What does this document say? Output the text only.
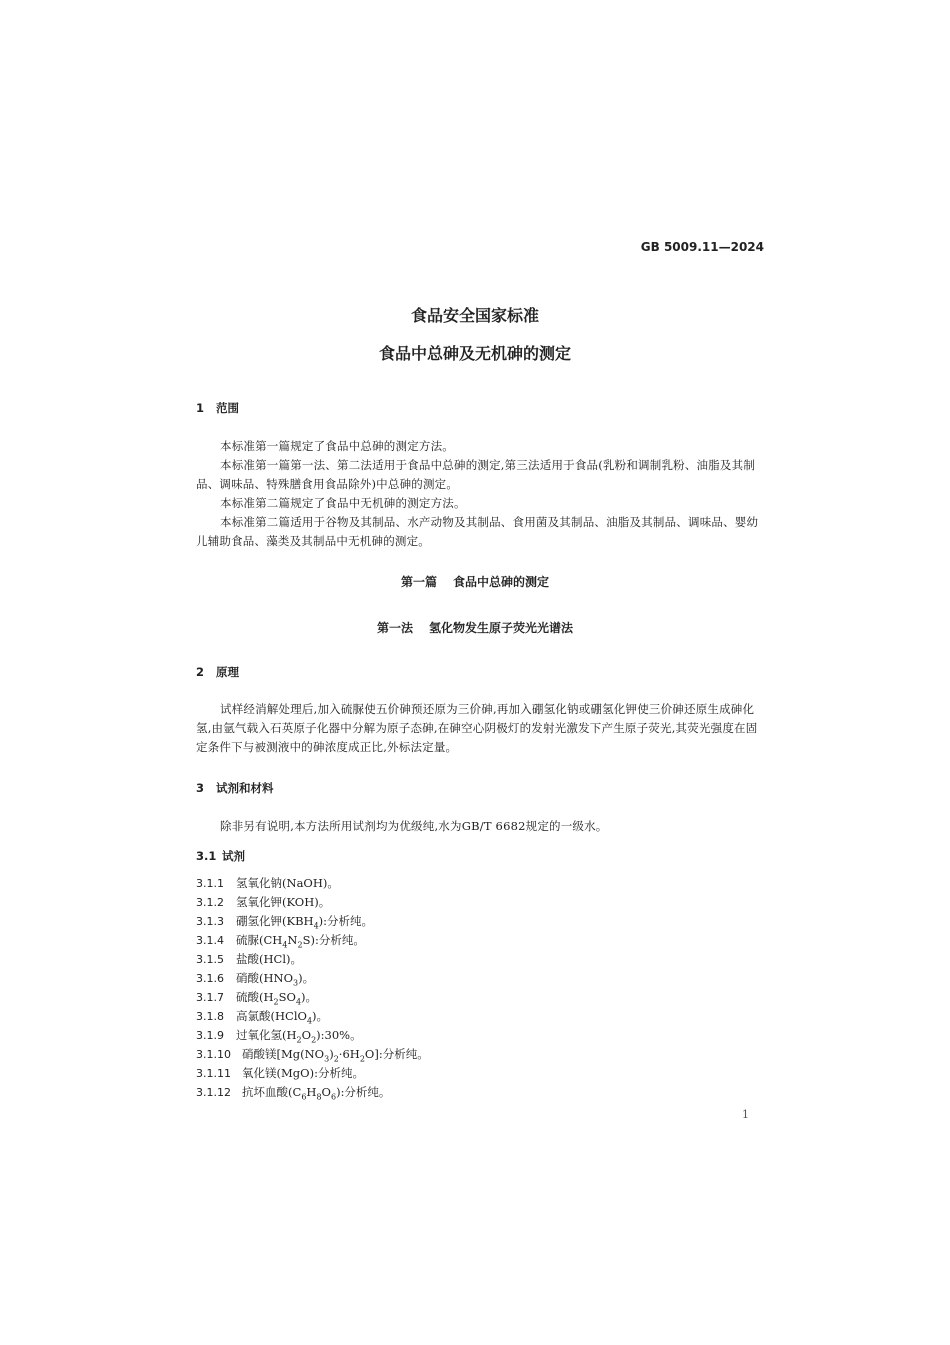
GB 5009.11—2024
食品安全国家标准
食品中总砷及无机砷的测定
1 范围

本标准第一篇规定了食品中总砷的测定方法。

本标准第一篇第一法、第二法适用于食品中总砷的测定,第三法适用于食品(乳粉和调制乳粉、油脂及其制品、调味品、特殊膳食用食品除外)中总砷的测定。

本标准第二篇规定了食品中无机砷的测定方法。

本标准第二篇适用于谷物及其制品、水产动物及其制品、食用菌及其制品、油脂及其制品、调味品、婴幼儿辅助食品、藻类及其制品中无机砷的测定。

第一篇 食品中总砷的测定
第一法 氢化物发生原子荧光光谱法
2 原理

试样经消解处理后,加入硫脲使五价砷预还原为三价砷,再加入硼氢化钠或硼氢化钾使三价砷还原生成砷化氢,由氩气载入石英原子化器中分解为原子态砷,在砷空心阴极灯的发射光激发下产生原子荧光,其荧光强度在固定条件下与被测液中的砷浓度成正比,外标法定量。

3 试剂和材料

除非另有说明,本方法所用试剂均为优级纯,水为GB/T 6682规定的一级水。

3.1 试剂
3.1.1 氢氧化钠(NaOH)。
3.1.2 氢氧化钾(KOH)。
3.1.3 硼氢化钾$(KBH_4)$:分析纯。
3.1.4 硫脲$(CH_4N_2S)$:分析纯。
3.1.5 盐酸(HCl)。
3.1.6 硝酸$(HNO_3)$。
3.1.7 硫酸$(H_2SO_4)$。
3.1.8 高氯酸(HClO$_4$)。
3.1.9 过氧化氢$(H_2O_2):30\%$。
3.1.10 硝酸镁$[Mg(NO_3)_2\cdot 6H_2O]$:分析纯。
3.1.11 氧化镁(MgO):分析纯。
3.1.12 抗坏血酸$(C_6H_8O_6)$:分析纯。
1
